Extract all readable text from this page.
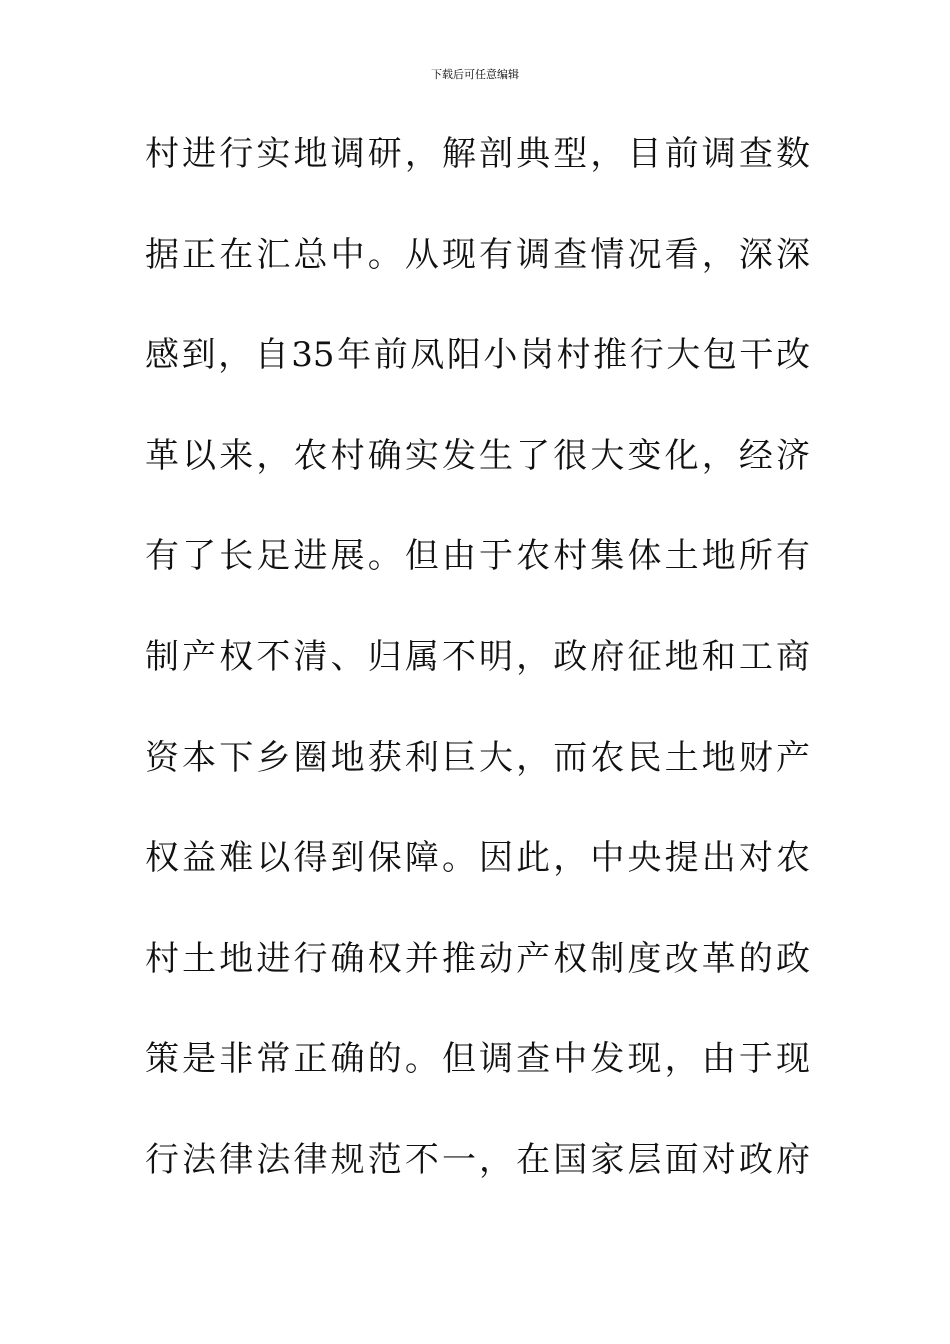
下载后可任意编辑
村进行实地调研，解剖典型，目前调查数
据正在汇总中。从现有调查情况看，深深
感到，自35年前凤阳小岗村推行大包干改
革以来，农村确实发生了很大变化，经济
有了长足进展。但由于农村集体土地所有
制产权不清、归属不明，政府征地和工商
资本下乡圈地获利巨大，而农民土地财产
权益难以得到保障。因此，中央提出对农
村土地进行确权并推动产权制度改革的政
策是非常正确的。但调查中发现，由于现
行法律法律规范不一，在国家层面对政府
